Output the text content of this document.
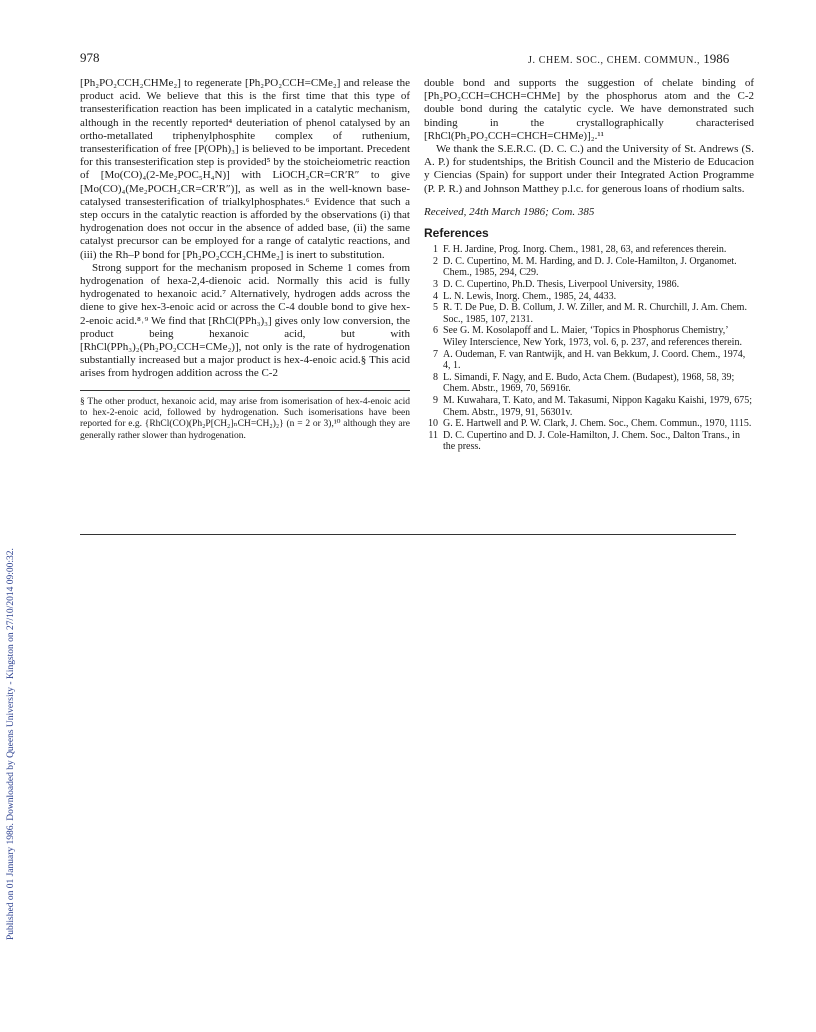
978	J. CHEM. SOC., CHEM. COMMUN., 1986
Published on 01 January 1986. Downloaded by Queens University - Kingston on 27/10/2014 09:00:32.

[Ph₂PO₂CCH₂CHMe₂] to regenerate [Ph₂PO₂CCH=CMe₂] and release the product acid. We believe that this is the first time that this type of transesterification reaction has been implicated in a catalytic mechanism, although in the recently reported⁴ deuteriation of phenol catalysed by an ortho-metallated triphenylphosphite complex of ruthenium, transesterification of free [P(OPh)₃] is believed to be important. Precedent for this transesterification step is provided⁵ by the stoicheiometric reaction of [Mo(CO)₄(2-Me₂POC₅H₄N)] with LiOCH₂CR=CR′R″ to give [Mo(CO)₄(Me₂POCH₂CR=CR′R″)], as well as in the well-known base-catalysed transesterification of trialkylphosphates.⁶ Evidence that such a step occurs in the catalytic reaction is afforded by the observations (i) that hydrogenation does not occur in the absence of added base, (ii) the same catalyst precursor can be employed for a range of catalytic reactions, and (iii) the Rh–P bond for [Ph₂PO₂CCH₂CHMe₂] is inert to substitution.

Strong support for the mechanism proposed in Scheme 1 comes from hydrogenation of hexa-2,4-dienoic acid. Normally this acid is fully hydrogenated to hexanoic acid.⁷ Alternatively, hydrogen adds across the diene to give hex-3-enoic acid or across the C-4 double bond to give hex-2-enoic acid.⁸˒⁹ We find that [RhCl(PPh₃)₃] gives only low conversion, the product being hexanoic acid, but with [RhCl(PPh₃)₂(Ph₂PO₂CCH=CMe₂)], not only is the rate of hydrogenation substantially increased but a major product is hex-4-enoic acid.§ This acid arises from hydrogen addition across the C-2

§ The other product, hexanoic acid, may arise from isomerisation of hex-4-enoic acid to hex-2-enoic acid, followed by hydrogenation. Such isomerisations have been reported for e.g. {RhCl(CO)(Ph₂P[CH₂]ₙCH=CH₂)₂} (n = 2 or 3),¹⁰ although they are generally rather slower than hydrogenation.

double bond and supports the suggestion of chelate binding of [Ph₂PO₂CCH=CHCH=CHMe] by the phosphorus atom and the C-2 double bond during the catalytic cycle. We have demonstrated such binding in the crystallographically characterised [RhCl(Ph₂PO₂CCH=CHCH=CHMe)]₂.¹¹

We thank the S.E.R.C. (D. C. C.) and the University of St. Andrews (S. A. P.) for studentships, the British Council and the Misterio de Educacion y Ciencias (Spain) for support under their Integrated Action Programme (P. P. R.) and Johnson Matthey p.l.c. for generous loans of rhodium salts.

Received, 24th March 1986; Com. 385

References
1 F. H. Jardine, Prog. Inorg. Chem., 1981, 28, 63, and references therein.
2 D. C. Cupertino, M. M. Harding, and D. J. Cole-Hamilton, J. Organomet. Chem., 1985, 294, C29.
3 D. C. Cupertino, Ph.D. Thesis, Liverpool University, 1986.
4 L. N. Lewis, Inorg. Chem., 1985, 24, 4433.
5 R. T. De Pue, D. B. Collum, J. W. Ziller, and M. R. Churchill, J. Am. Chem. Soc., 1985, 107, 2131.
6 See G. M. Kosolapoff and L. Maier, ‘Topics in Phosphorus Chemistry,’ Wiley Interscience, New York, 1973, vol. 6, p. 237, and references therein.
7 A. Oudeman, F. van Rantwijk, and H. van Bekkum, J. Coord. Chem., 1974, 4, 1.
8 L. Simandi, F. Nagy, and E. Budo, Acta Chem. (Budapest), 1968, 58, 39; Chem. Abstr., 1969, 70, 56916r.
9 M. Kuwahara, T. Kato, and M. Takasumi, Nippon Kagaku Kaishi, 1979, 675; Chem. Abstr., 1979, 91, 56301v.
10 G. E. Hartwell and P. W. Clark, J. Chem. Soc., Chem. Commun., 1970, 1115.
11 D. C. Cupertino and D. J. Cole-Hamilton, J. Chem. Soc., Dalton Trans., in the press.
